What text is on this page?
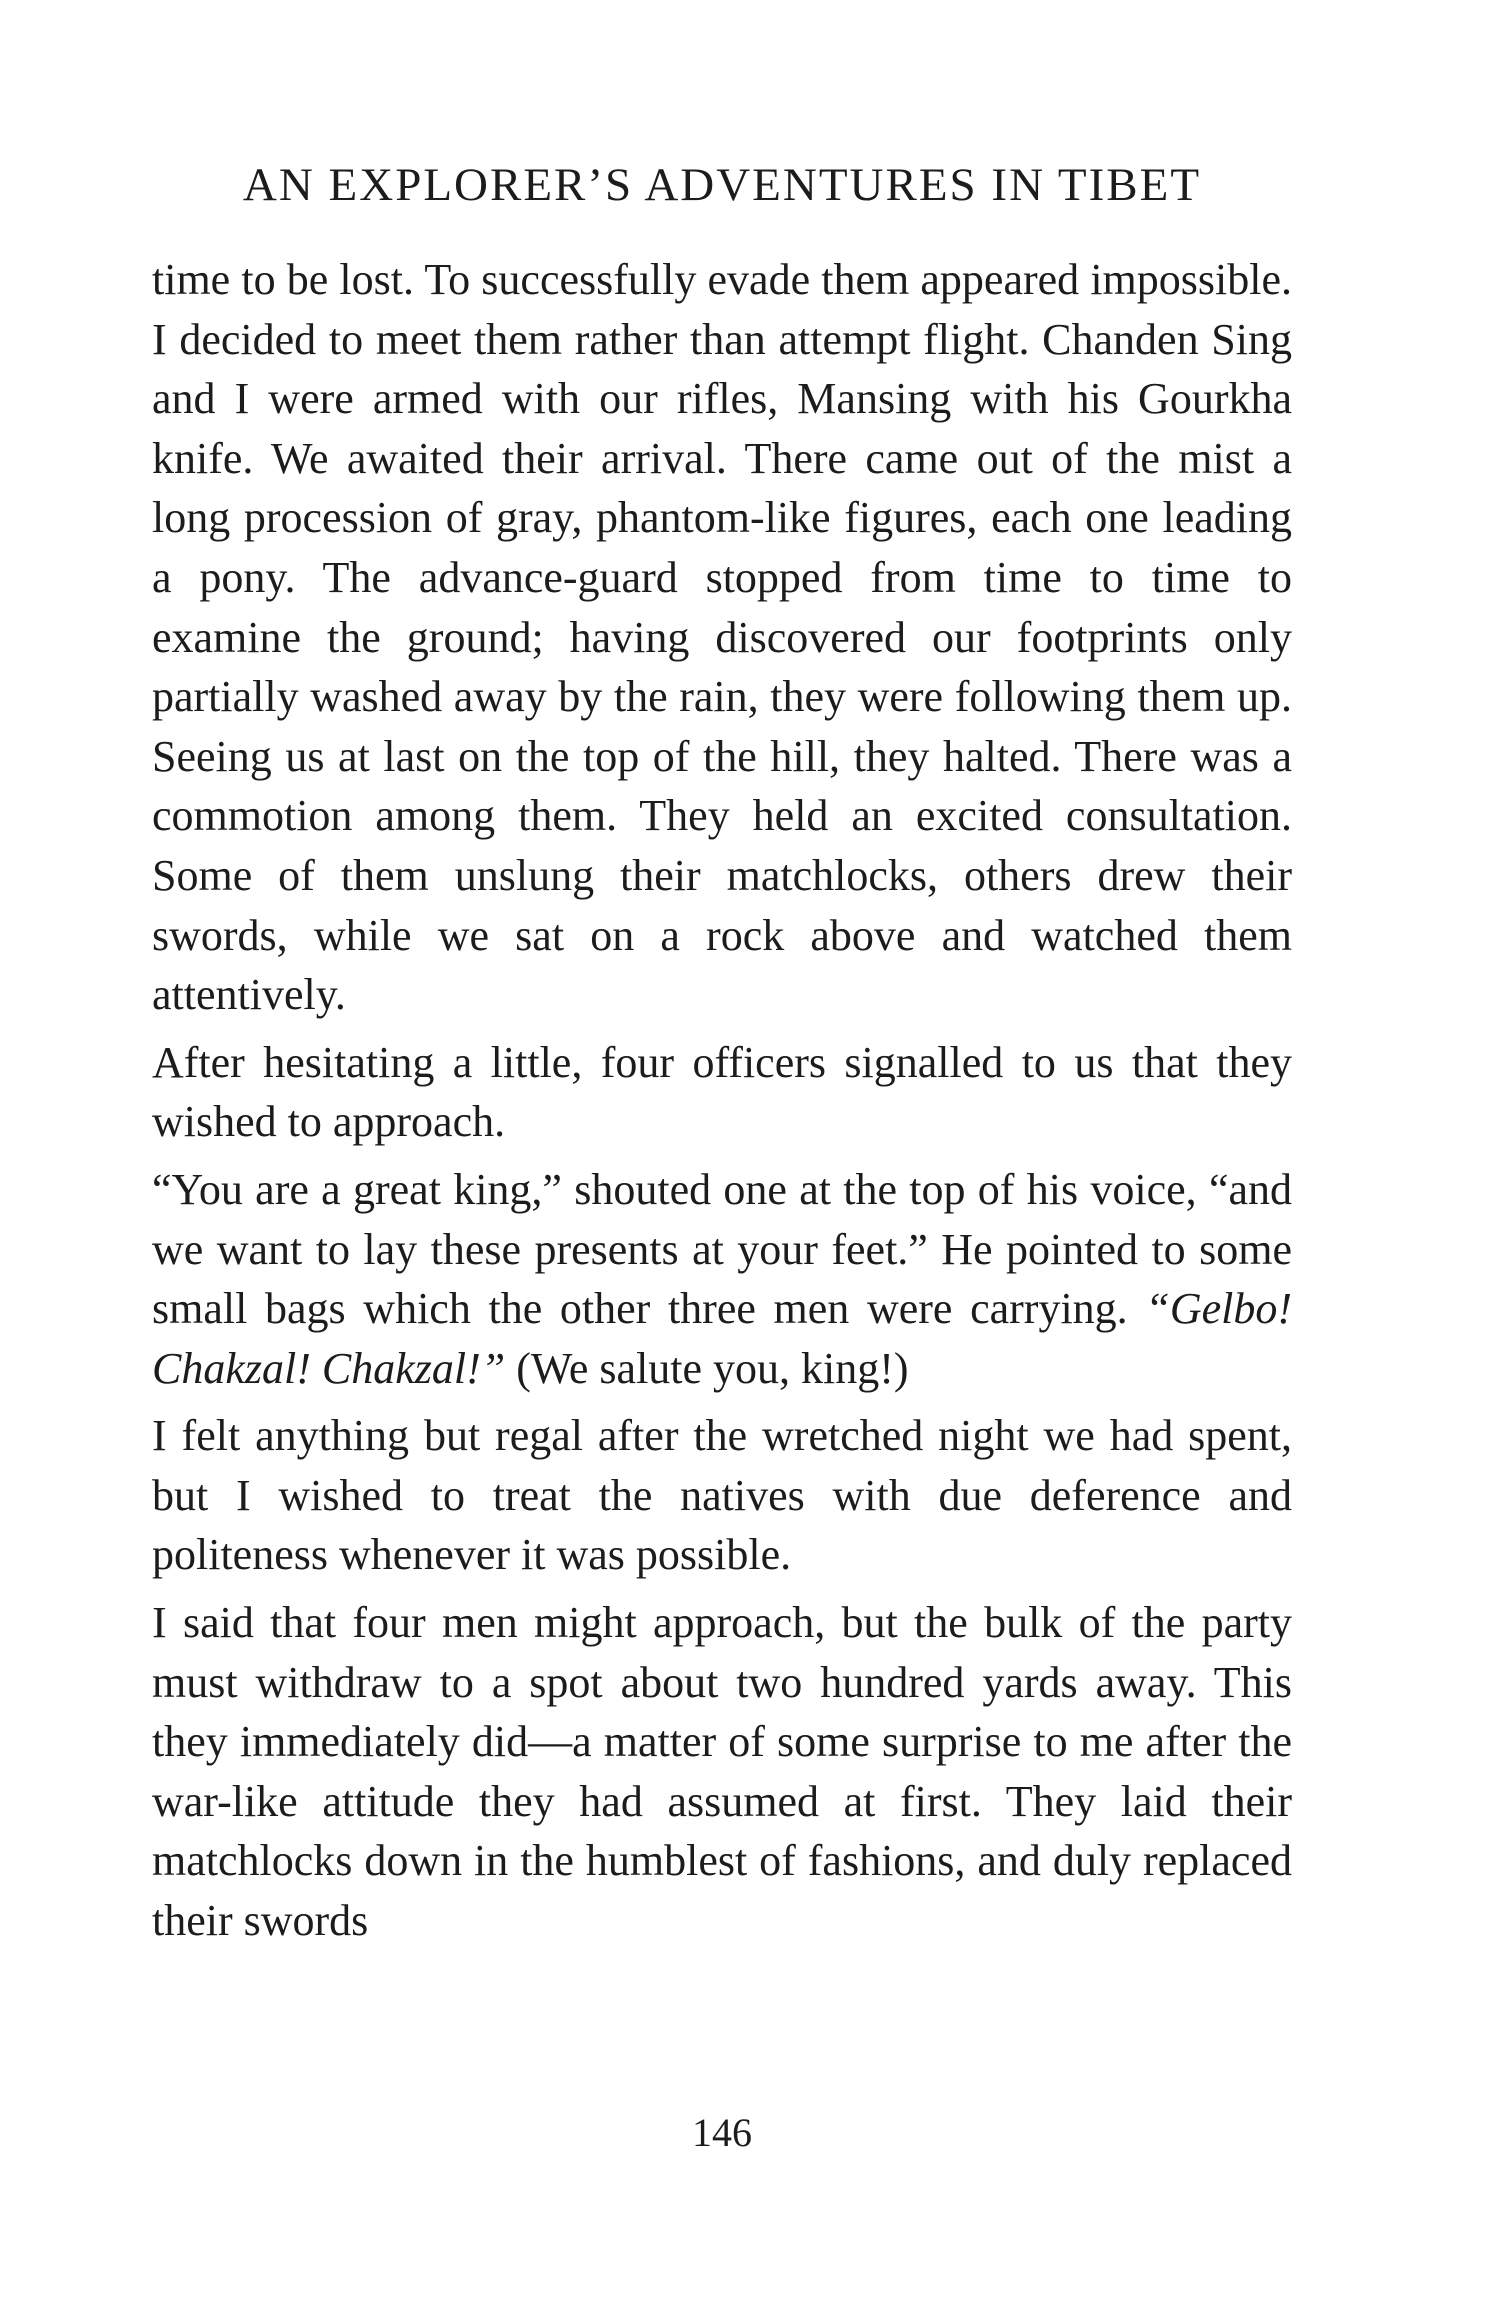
AN EXPLORER’S ADVENTURES IN TIBET

time to be lost. To successfully evade them appeared impossible. I decided to meet them rather than attempt flight. Chanden Sing and I were armed with our rifles, Mansing with his Gourkha knife. We awaited their arrival. There came out of the mist a long procession of gray, phantom-like figures, each one leading a pony. The advance-guard stopped from time to time to examine the ground; having discovered our footprints only partially washed away by the rain, they were following them up. Seeing us at last on the top of the hill, they halted. There was a commotion among them. They held an excited consultation. Some of them unslung their matchlocks, others drew their swords, while we sat on a rock above and watched them attentively.

After hesitating a little, four officers signalled to us that they wished to approach.

“You are a great king,” shouted one at the top of his voice, “and we want to lay these presents at your feet.” He pointed to some small bags which the other three men were carrying. “Gelbo! Chakzal! Chakzal!” (We salute you, king!)

I felt anything but regal after the wretched night we had spent, but I wished to treat the natives with due deference and politeness whenever it was possible.

I said that four men might approach, but the bulk of the party must withdraw to a spot about two hundred yards away. This they immediately did—a matter of some surprise to me after the war-like attitude they had assumed at first. They laid their matchlocks down in the humblest of fashions, and duly replaced their swords

146
